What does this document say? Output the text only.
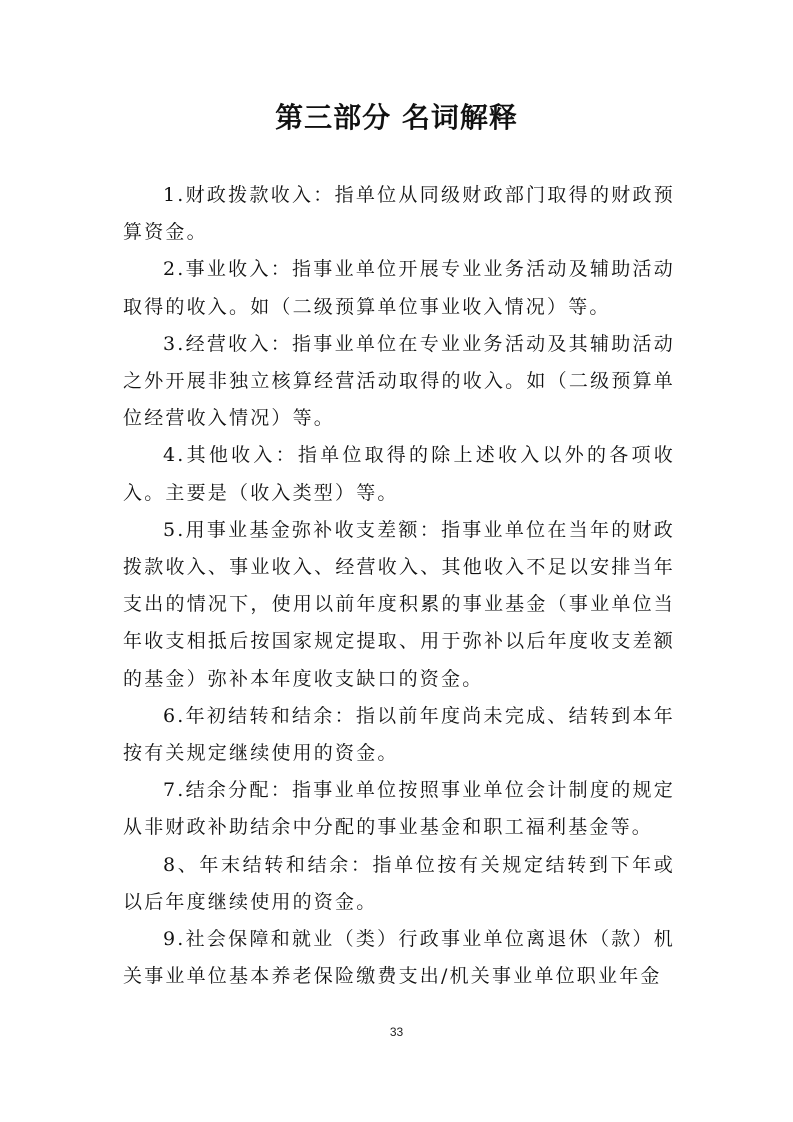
第三部分 名词解释

1.财政拨款收入：指单位从同级财政部门取得的财政预算资金。

2.事业收入：指事业单位开展专业业务活动及辅助活动取得的收入。如（二级预算单位事业收入情况）等。

3.经营收入：指事业单位在专业业务活动及其辅助活动之外开展非独立核算经营活动取得的收入。如（二级预算单位经营收入情况）等。

4.其他收入：指单位取得的除上述收入以外的各项收入。主要是（收入类型）等。

5.用事业基金弥补收支差额：指事业单位在当年的财政拨款收入、事业收入、经营收入、其他收入不足以安排当年支出的情况下，使用以前年度积累的事业基金（事业单位当年收支相抵后按国家规定提取、用于弥补以后年度收支差额的基金）弥补本年度收支缺口的资金。

6.年初结转和结余：指以前年度尚未完成、结转到本年按有关规定继续使用的资金。

7.结余分配：指事业单位按照事业单位会计制度的规定从非财政补助结余中分配的事业基金和职工福利基金等。

8、年末结转和结余：指单位按有关规定结转到下年或以后年度继续使用的资金。

9.社会保障和就业（类）行政事业单位离退休（款）机关事业单位基本养老保险缴费支出/机关事业单位职业年金

33
